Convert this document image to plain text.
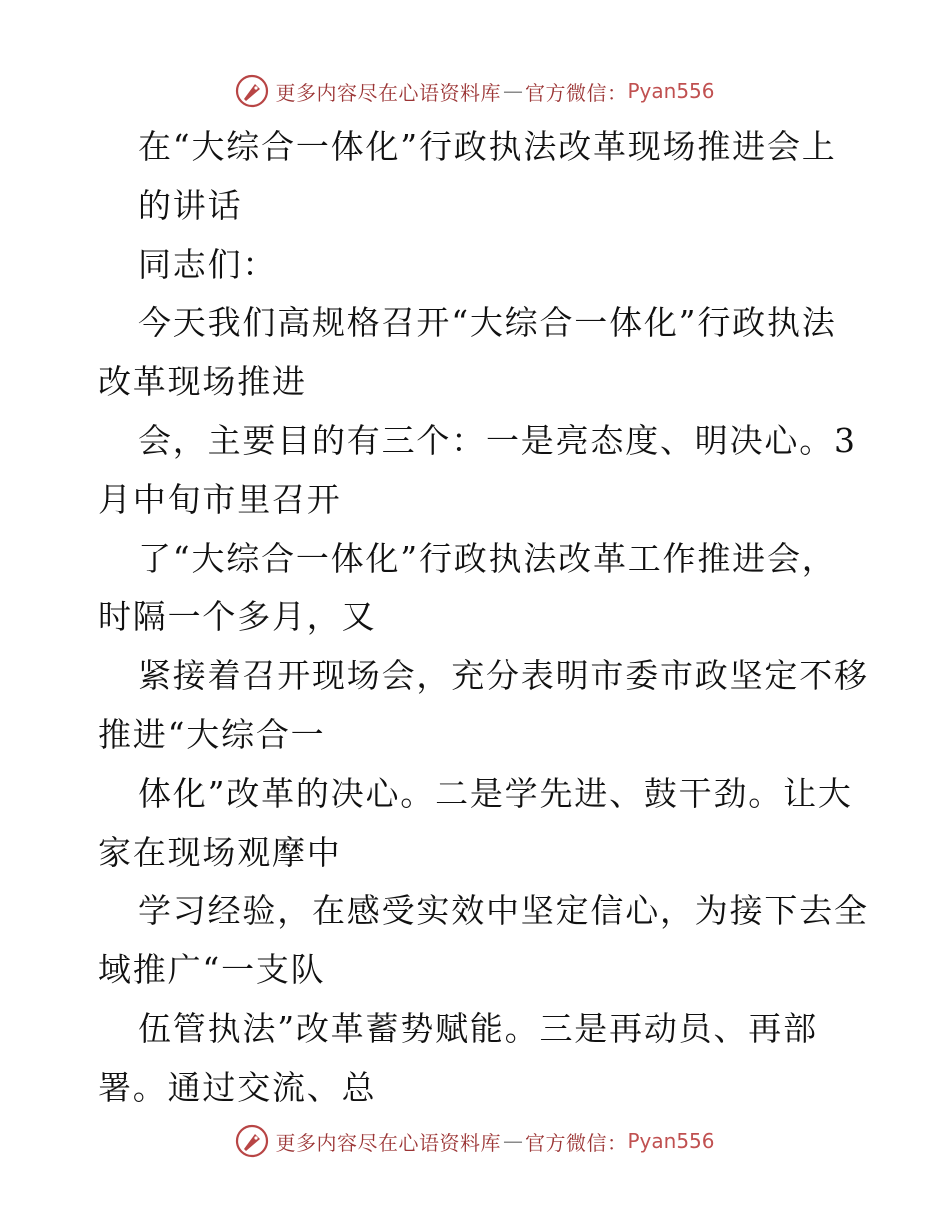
更多内容尽在心语资料库 — 官方微信： Pyan556
在“大综合一体化”行政执法改革现场推进会上
的讲话
同志们：
今天我们高规格召开“大综合一体化”行政执法
改革现场推进
会，主要目的有三个：一是亮态度、明决心。3
月中旬市里召开
了“大综合一体化”行政执法改革工作推进会，
时隔一个多月，又
紧接着召开现场会，充分表明市委市政坚定不移
推进“大综合一
体化”改革的决心。二是学先进、鼓干劲。让大
家在现场观摩中
学习经验，在感受实效中坚定信心，为接下去全
域推广“一支队
伍管执法”改革蓄势赋能。三是再动员、再部
署。通过交流、总
更多内容尽在心语资料库 — 官方微信： Pyan556
